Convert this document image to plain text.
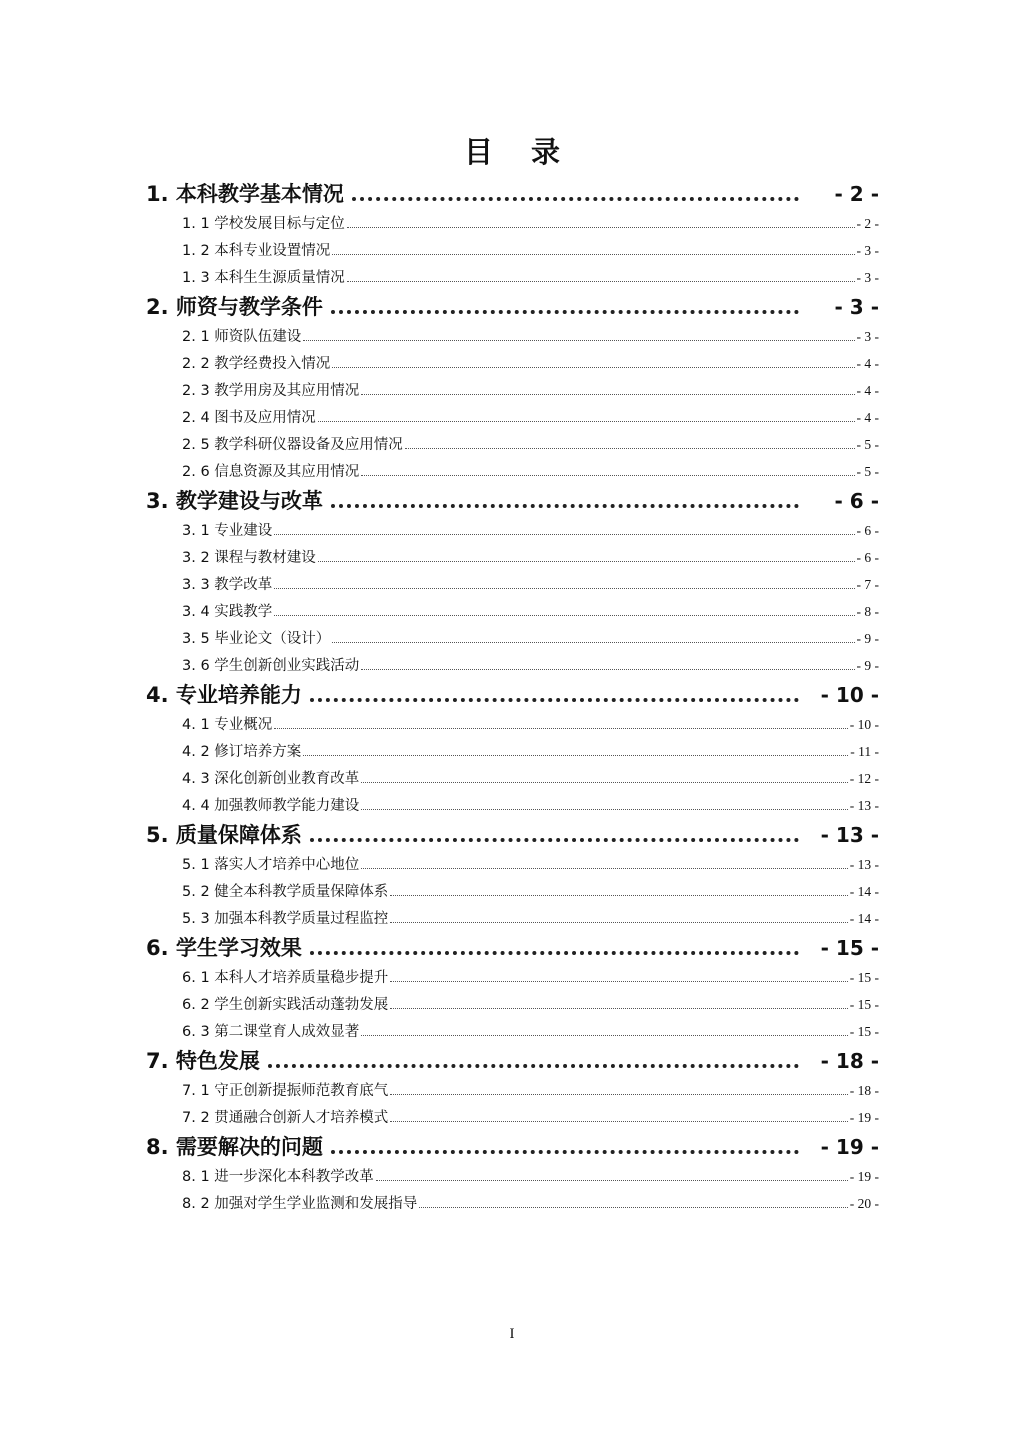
目 录
1. 本科教学基本情况	- 2 -
1. 1 学校发展目标与定位	- 2 -
1. 2 本科专业设置情况	- 3 -
1. 3 本科生生源质量情况	- 3 -
2. 师资与教学条件	- 3 -
2. 1 师资队伍建设	- 3 -
2. 2 教学经费投入情况	- 4 -
2. 3 教学用房及其应用情况	- 4 -
2. 4 图书及应用情况	- 4 -
2. 5 教学科研仪器设备及应用情况	- 5 -
2. 6 信息资源及其应用情况	- 5 -
3. 教学建设与改革	- 6 -
3. 1 专业建设	- 6 -
3. 2 课程与教材建设	- 6 -
3. 3 教学改革	- 7 -
3. 4 实践教学	- 8 -
3. 5 毕业论文（设计）	- 9 -
3. 6 学生创新创业实践活动	- 9 -
4. 专业培养能力	- 10 -
4. 1 专业概况	- 10 -
4. 2 修订培养方案	- 11 -
4. 3 深化创新创业教育改革	- 12 -
4. 4 加强教师教学能力建设	- 13 -
5. 质量保障体系	- 13 -
5. 1 落实人才培养中心地位	- 13 -
5. 2 健全本科教学质量保障体系	- 14 -
5. 3 加强本科教学质量过程监控	- 14 -
6. 学生学习效果	- 15 -
6. 1 本科人才培养质量稳步提升	- 15 -
6. 2 学生创新实践活动蓬勃发展	- 15 -
6. 3 第二课堂育人成效显著	- 15 -
7. 特色发展	- 18 -
7. 1 守正创新提振师范教育底气	- 18 -
7. 2 贯通融合创新人才培养模式	- 19 -
8. 需要解决的问题	- 19 -
8. 1 进一步深化本科教学改革	- 19 -
8. 2 加强对学生学业监测和发展指导	- 20 -
I
